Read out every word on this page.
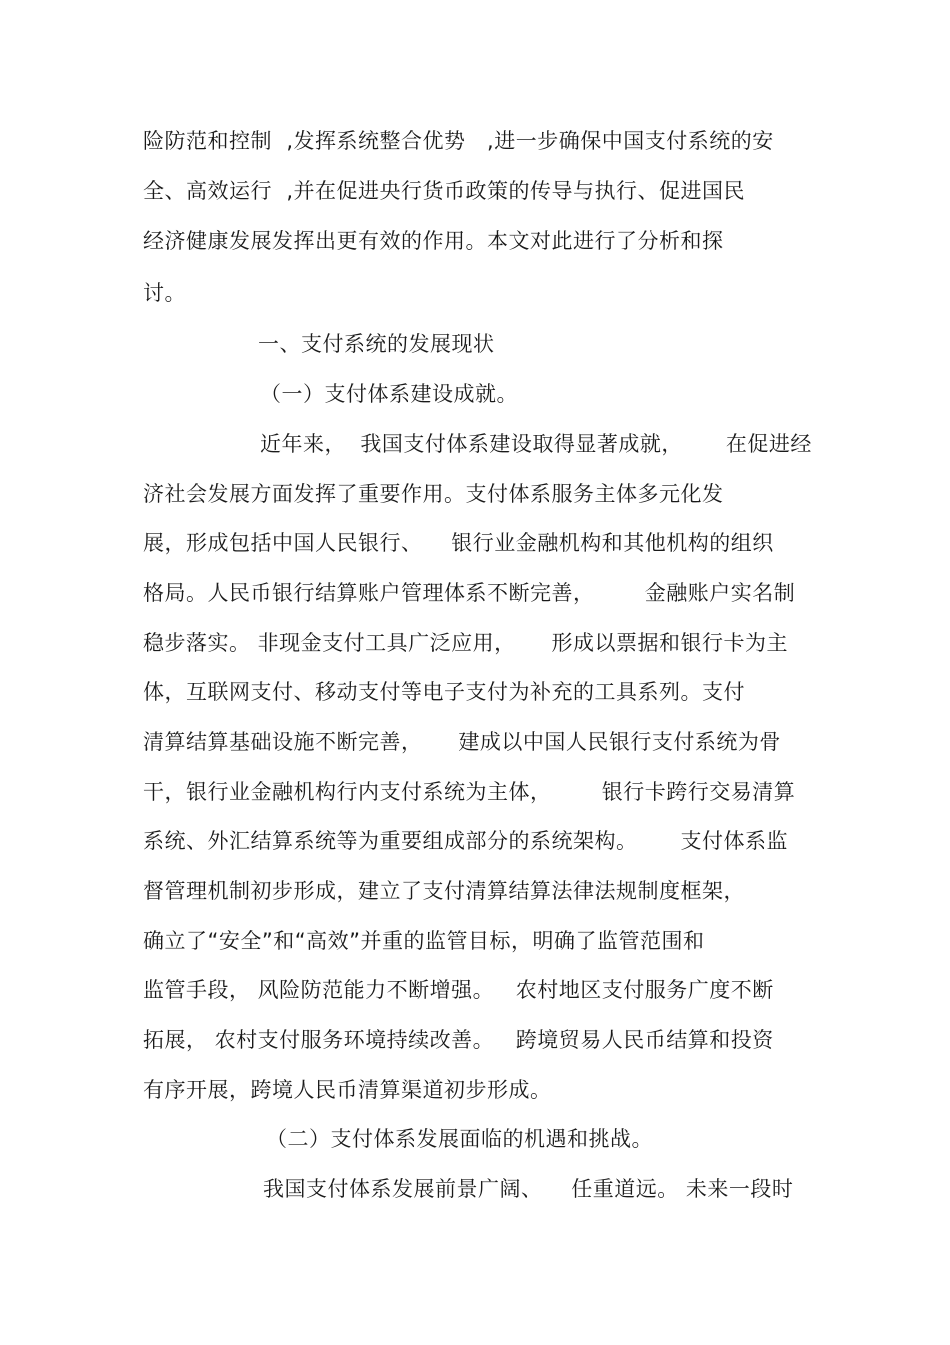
险防范和控制  ,发挥系统整合优势   ,进一步确保中国支付系统的安
全、高效运行  ,并在促进央行货币政策的传导与执行、促进国民
经济健康发展发挥出更有效的作用。本文对此进行了分析和探
讨。
一、支付系统的发展现状
（一）支付体系建设成就。
近年来，  我国支付体系建设取得显著成就，      在促进经
济社会发展方面发挥了重要作用。支付体系服务主体多元化发
展，形成包括中国人民银行、    银行业金融机构和其他机构的组织
格局。人民币银行结算账户管理体系不断完善，       金融账户实名制
稳步落实。 非现金支付工具广泛应用，     形成以票据和银行卡为主
体，互联网支付、移动支付等电子支付为补充的工具系列。支付
清算结算基础设施不断完善，     建成以中国人民银行支付系统为骨
干，银行业金融机构行内支付系统为主体，       银行卡跨行交易清算
系统、外汇结算系统等为重要组成部分的系统架构。      支付体系监
督管理机制初步形成，建立了支付清算结算法律法规制度框架，
确立了“安全”和“高效”并重的监管目标，明确了监管范围和
监管手段， 风险防范能力不断增强。   农村地区支付服务广度不断
拓展， 农村支付服务环境持续改善。   跨境贸易人民币结算和投资
有序开展，跨境人民币清算渠道初步形成。
（二）支付体系发展面临的机遇和挑战。
我国支付体系发展前景广阔、    任重道远。 未来一段时
